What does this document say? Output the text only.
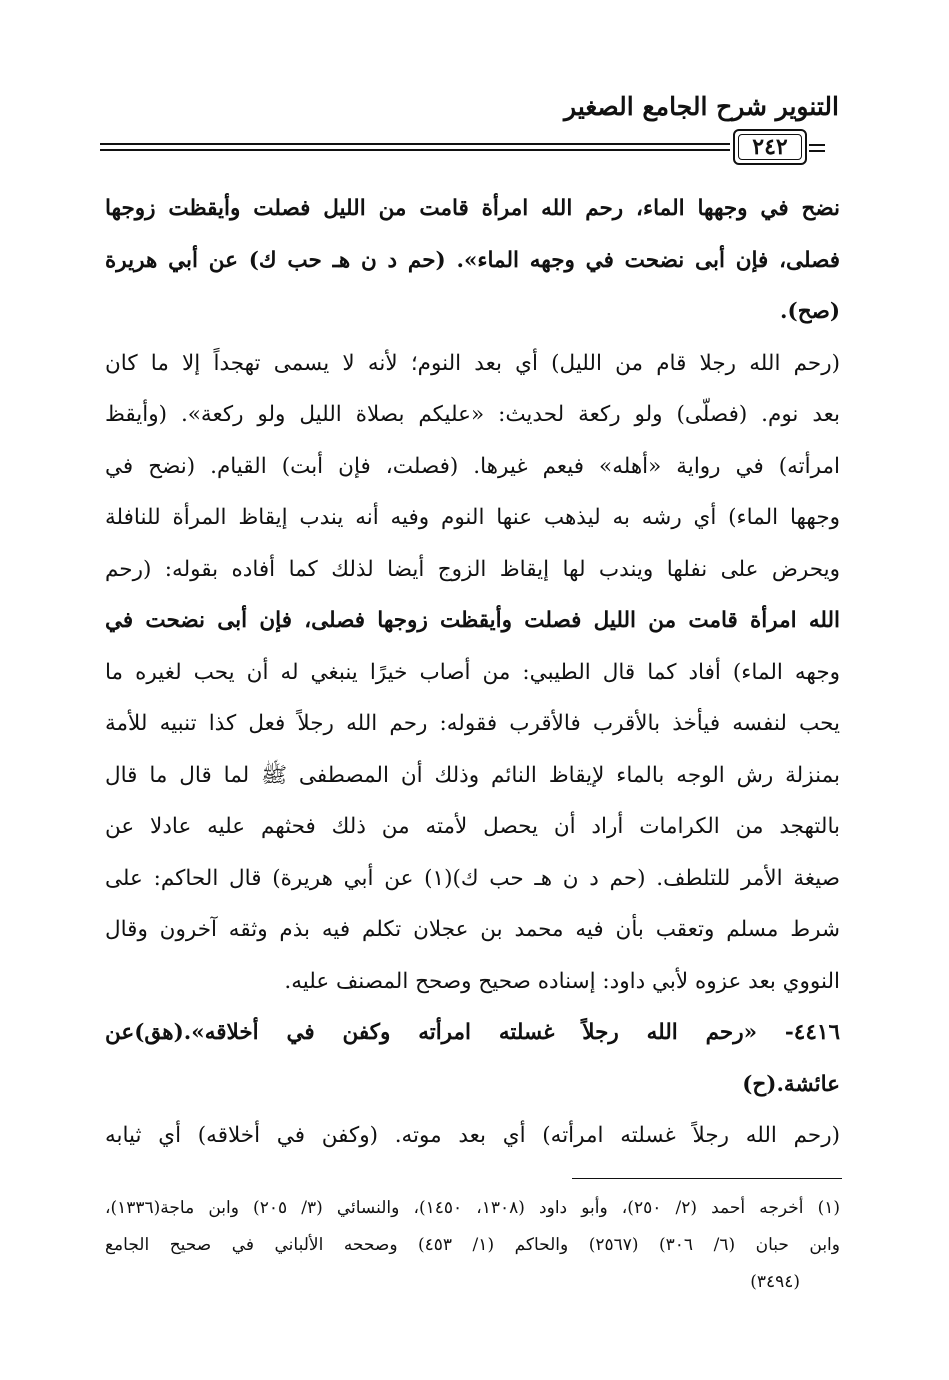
التنوير شرح الجامع الصغير
٢٤٢
نضح في وجهها الماء، رحم الله امرأة قامت من الليل فصلت وأيقظت زوجها
فصلى، فإن أبى نضحت في وجهه الماء». (حم د ن هـ حب ك) عن أبي هريرة
(صح).
(رحم الله رجلا قام من الليل) أي بعد النوم؛ لأنه لا يسمى تهجداً إلا ما كان
بعد نوم. (فصلّى) ولو ركعة لحديث: «عليكم بصلاة الليل ولو ركعة». (وأيقظ
امرأته) في رواية «أهله» فيعم غيرها. (فصلت، فإن أبت) القيام. (نضح في
وجهها الماء) أي رشه به ليذهب عنها النوم وفيه أنه يندب إيقاظ المرأة للنافلة
ويحرض على نفلها ويندب لها إيقاظ الزوج أيضا لذلك كما أفاده بقوله: (رحم
الله امرأة قامت من الليل فصلت وأيقظت زوجها فصلى، فإن أبى نضحت في
وجهه الماء) أفاد كما قال الطيبي: من أصاب خيرًا ينبغي له أن يحب لغيره ما
يحب لنفسه فيأخذ بالأقرب فالأقرب فقوله: رحم الله رجلاً فعل كذا تنبيه للأمة
بمنزلة رش الوجه بالماء لإيقاظ النائم وذلك أن المصطفى ﷺ لما قال ما قال
بالتهجد من الكرامات أراد أن يحصل لأمته من ذلك فحثهم عليه عادلا عن
صيغة الأمر للتلطف. (حم د ن هـ حب ك)(١) عن أبي هريرة) قال الحاكم: على
شرط مسلم وتعقب بأن فيه محمد بن عجلان تكلم فيه بذم وثقه آخرون وقال
النووي بعد عزوه لأبي داود: إسناده صحيح وصحح المصنف عليه.
٤٤١٦- «رحم الله رجلاً غسلته امرأته وكفن في أخلاقه».(هق)عن
عائشة.(ح)
(رحم الله رجلاً غسلته امرأته) أي بعد موته. (وكفن في أخلاقه) أي ثيابه
(١) أخرجه أحمد (٢/ ٢٥٠)، وأبو داود (١٣٠٨، ١٤٥٠)، والنسائي (٣/ ٢٠٥) وابن ماجة(١٣٣٦)،
وابن حبان (٦/ ٣٠٦) (٢٥٦٧) والحاكم (١/ ٤٥٣) وصححه الألباني في صحيح الجامع
(٣٤٩٤)
